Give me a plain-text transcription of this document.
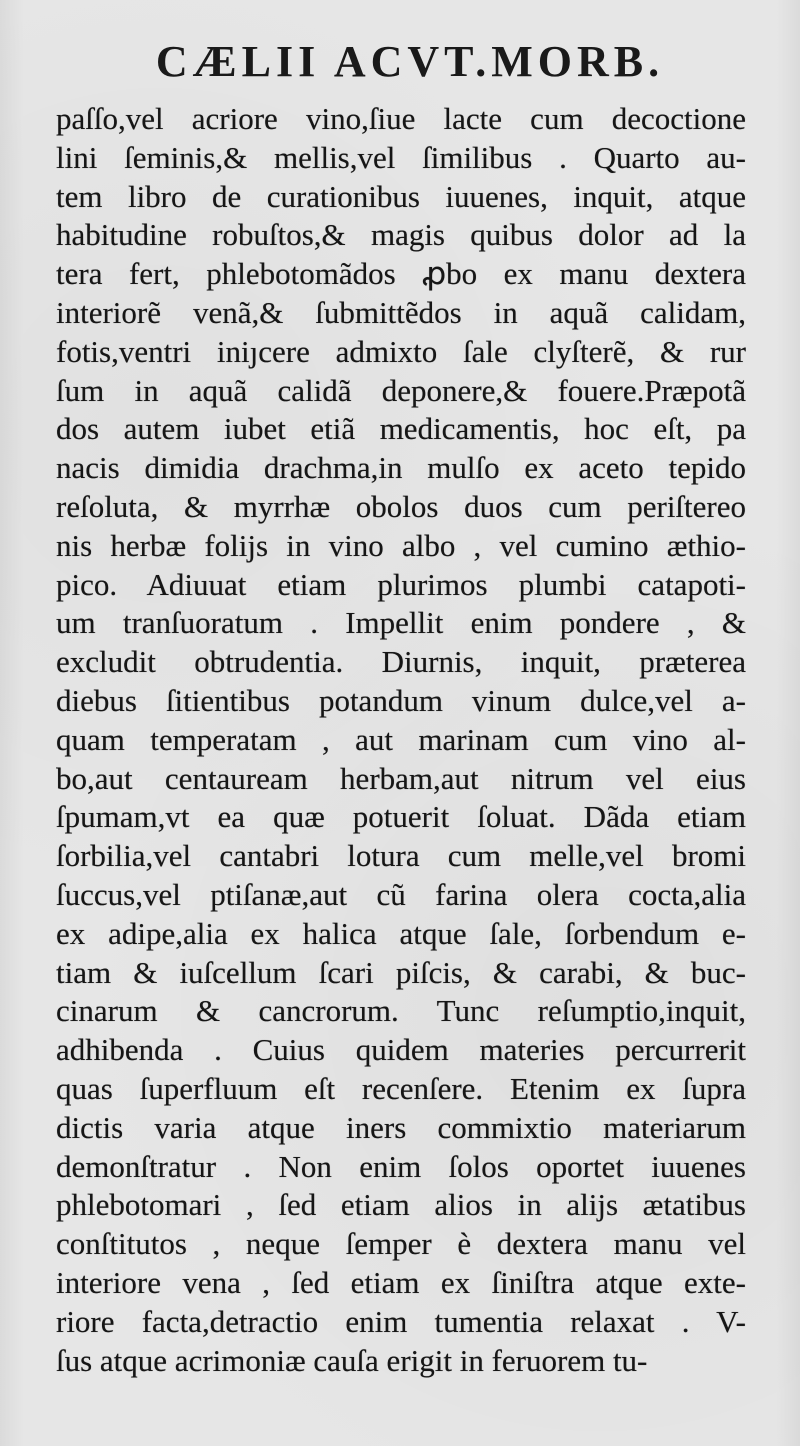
CÆLII ACVT.MORB.
paſſo,vel acriore vino,ſiue lacte cum decoctione
lini ſeminis,& mellis,vel ſimilibus . Quarto au-
tem libro de curationibus iuuenes, inquit, atque
habitudine robuſtos,& magis quibus dolor ad la
tera fert, phlebotomãdos ꝓbo ex manu dextera
interiorẽ venã,& ſubmittẽdos in aquã calidam,
fotis,ventri iniȷcere admixto ſale clyſterẽ, & rur
ſum in aquã calidã deponere,& fouere.Præpotã
dos autem iubet etiã medicamentis, hoc eſt, pa
nacis dimidia drachma,in mulſo ex aceto tepido
reſoluta, & myrrhæ obolos duos cum periſtereo
nis herbæ folijs in vino albo , vel cumino æthio-
pico. Adiuuat etiam plurimos plumbi catapoti-
um tranſuoratum . Impellit enim pondere , &
excludit obtrudentia. Diurnis, inquit, præterea
diebus ſitientibus potandum vinum dulce,vel a-
quam temperatam , aut marinam cum vino al-
bo,aut centauream herbam,aut nitrum vel eius
ſpumam,vt ea quæ potuerit ſoluat. Dãda etiam
ſorbilia,vel cantabri lotura cum melle,vel bromi
ſuccus,vel ptiſanæ,aut cũ farina olera cocta,alia
ex adipe,alia ex halica atque ſale, ſorbendum e-
tiam & iuſcellum ſcari piſcis, & carabi, & buc-
cinarum & cancrorum. Tunc reſumptio,inquit,
adhibenda . Cuius quidem materies percurrerit
quas ſuperfluum eſt recenſere. Etenim ex ſupra
dictis varia atque iners commixtio materiarum
demonſtratur . Non enim ſolos oportet iuuenes
phlebotomari , ſed etiam alios in alijs ætatibus
conſtitutos , neque ſemper è dextera manu vel
interiore vena , ſed etiam ex ſiniſtra atque exte-
riore facta,detractio enim tumentia relaxat . V-
ſus atque acrimoniæ cauſa erigit in feruorem tu-
